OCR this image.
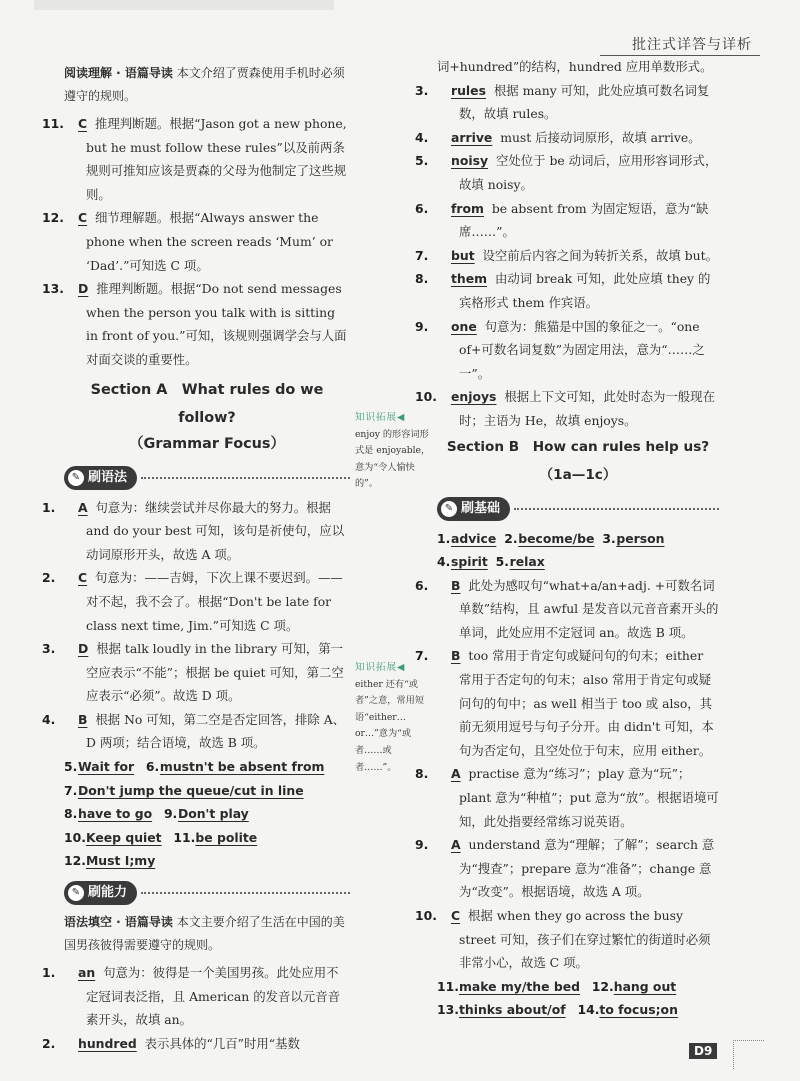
批注式详答与详析

阅读理解 · 语篇导读 本文介绍了贾森使用手机时必须遵守的规则。

11. C 推理判断题。根据“Jason got a new phone, but he must follow these rules”以及前两条规则可推知应该是贾森的父母为他制定了这些规则。

12. C 细节理解题。根据“Always answer the phone when the screen reads ‘Mum’ or ‘Dad’.”可知选 C 项。

13. D 推理判断题。根据“Do not send messages when the person you talk with is sitting in front of you.”可知，该规则强调学会与人面对面交谈的重要性。

Section A　What rules do we follow?
（Grammar Focus）
✎ 刷语法

1. A 句意为：继续尝试并尽你最大的努力。根据 and do your best 可知，该句是祈使句，应以动词原形开头，故选 A 项。

2. C 句意为：——吉姆，下次上课不要迟到。——对不起，我不会了。根据“Don't be late for class next time, Jim.”可知选 C 项。

3. D 根据 talk loudly in the library 可知，第一空应表示“不能”；根据 be quiet 可知，第二空应表示“必须”。故选 D 项。

4. B 根据 No 可知，第二空是否定回答，排除 A、D 两项；结合语境，故选 B 项。

5.Wait for 6.mustn't be absent from

7.Don't jump the queue/cut in line

8.have to go 9.Don't play

10.Keep quiet 11.be polite

12.Must I;my

✎ 刷能力

语法填空 · 语篇导读 本文主要介绍了生活在中国的美国男孩彼得需要遵守的规则。

1. an 句意为：彼得是一个美国男孩。此处应用不定冠词表泛指，且 American 的发音以元音音素开头，故填 an。

2. hundred 表示具体的“几百”时用“基数

知识拓展◀
enjoy 的形容词形式是 enjoyable，意为“令人愉快的”。
知识拓展◀
either 还有“或者”之意，常用短语“either… or…”意为“或者……或者……”。

词+hundred”的结构，hundred 应用单数形式。

3. rules 根据 many 可知，此处应填可数名词复数，故填 rules。

4. arrive must 后接动词原形，故填 arrive。

5. noisy 空处位于 be 动词后，应用形容词形式，故填 noisy。

6. from be absent from 为固定短语，意为“缺席……”。

7. but 设空前后内容之间为转折关系，故填 but。

8. them 由动词 break 可知，此处应填 they 的宾格形式 them 作宾语。

9. one 句意为：熊猫是中国的象征之一。“one of+可数名词复数”为固定用法，意为“……之一”。

10. enjoys 根据上下文可知，此处时态为一般现在时；主语为 He，故填 enjoys。

Section B　How can rules help us?
（1a—1c）
✎ 刷基础

1.advice 2.become/be 3.person

4.spirit 5.relax

6. B 此处为感叹句“what+a/an+adj. +可数名词单数”结构，且 awful 是发音以元音音素开头的单词，此处应用不定冠词 an。故选 B 项。

7. B too 常用于肯定句或疑问句的句末；either 常用于否定句的句末；also 常用于肯定句或疑问句的句中；as well 相当于 too 或 also，其前无须用逗号与句子分开。由 didn't 可知，本句为否定句，且空处位于句末，应用 either。

8. A practise 意为“练习”；play 意为“玩”；plant 意为“种植”；put 意为“放”。根据语境可知，此处指要经常练习说英语。

9. A understand 意为“理解；了解”；search 意为“搜查”；prepare 意为“准备”；change 意为“改变”。根据语境，故选 A 项。

10. C 根据 when they go across the busy street 可知，孩子们在穿过繁忙的街道时必须非常小心，故选 C 项。

11.make my/the bed 12.hang out

13.thinks about/of 14.to focus;on

D9
